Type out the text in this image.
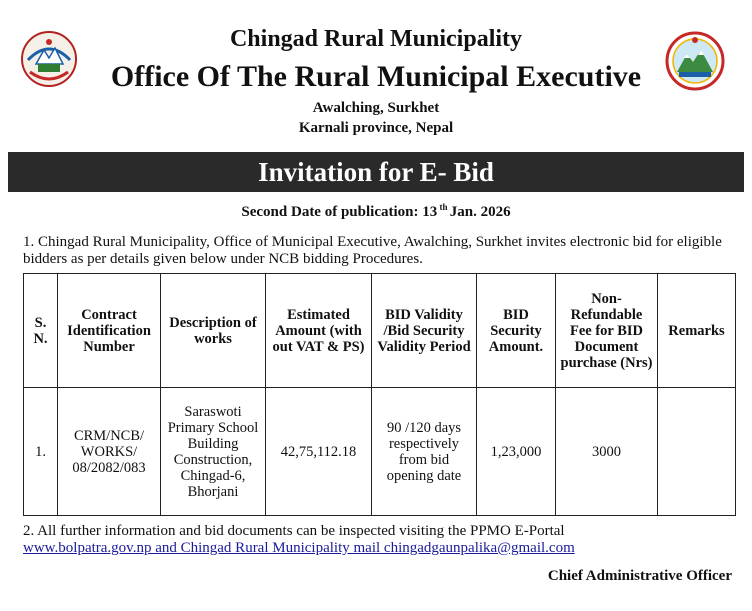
Chingad Rural Municipality
Office Of The Rural Municipal Executive
Awalching, Surkhet
Karnali province, Nepal
Invitation for E- Bid
Second Date of publication: 13 $^{th}$ Jan. 2026
1. Chingad Rural Municipality, Office of Municipal Executive, Awalching, Surkhet invites electronic bid for eligible bidders as per details given below under NCB bidding Procedures.
S. N.	Contract Identification Number	Description of works	Estimated Amount (with out VAT & PS)	BID Validity /Bid Security Validity Period	BID Security Amount.	Non-Refundable Fee for BID Document purchase (Nrs)	Remarks
1.	CRM/NCB/ WORKS/ 08/2082/083	Saraswoti Primary School Building Construction, Chingad-6, Bhorjani	42,75,112.18	90 /120 days respectively from bid opening date	1,23,000	3000	
2. All further information and bid documents can be inspected visiting the PPMO E-Portal
www.bolpatra.gov.np and Chingad Rural Municipality mail chingadgaunpalika@gmail.com
Chief Administrative Officer
